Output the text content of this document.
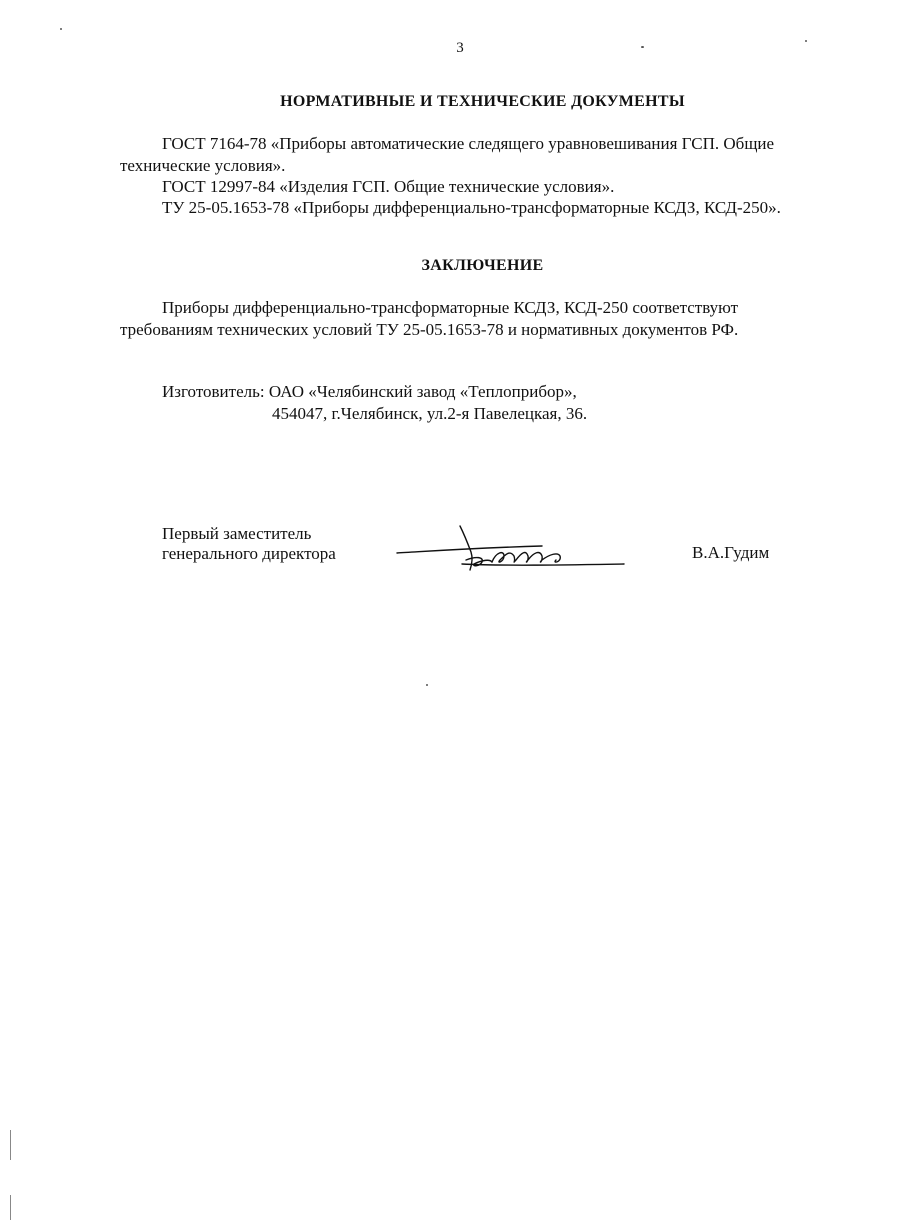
3
НОРМАТИВНЫЕ И ТЕХНИЧЕСКИЕ ДОКУМЕНТЫ
ГОСТ 7164-78 «Приборы автоматические следящего уравновешивания ГСП. Общие
технические условия».
ГОСТ 12997-84 «Изделия ГСП. Общие технические условия».
ТУ 25-05.1653-78 «Приборы дифференциально-трансформаторные КСДЗ, КСД-250».
ЗАКЛЮЧЕНИЕ
Приборы дифференциально-трансформаторные КСДЗ, КСД-250 соответствуют
требованиям технических условий ТУ 25-05.1653-78 и нормативных документов РФ.
Изготовитель: ОАО «Челябинский завод «Теплоприбор»,
454047, г.Челябинск, ул.2-я Павелецкая, 36.
Первый заместитель
генерального директора	В.А.Гудим
